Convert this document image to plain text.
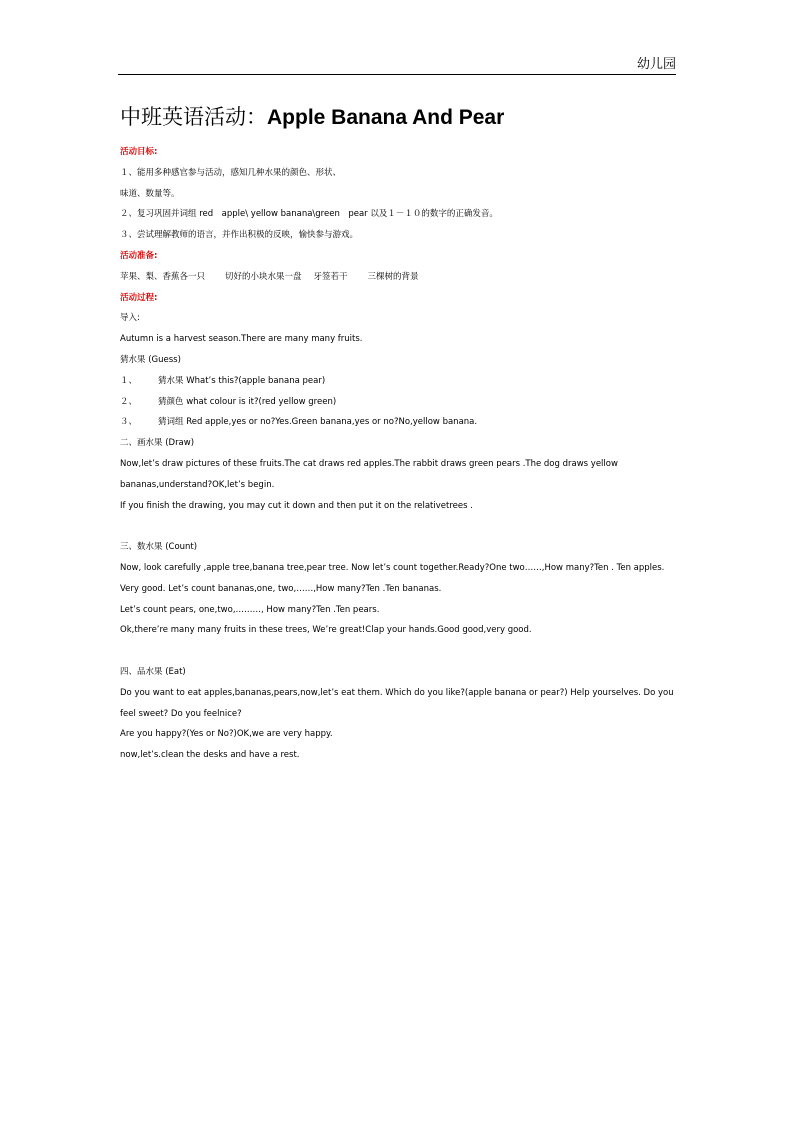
幼儿园
中班英语活动：Apple Banana And Pear

活动目标:

１、能用多种感官参与活动，感知几种水果的颜色、形状、

味道、数量等。

２、复习巩固并词组 red　apple\ yellow banana\green　pear 以及１－１０的数字的正确发音。

３、尝试理解教师的语言，并作出积极的反映，愉快参与游戏。

活动准备:

苹果、梨、香蕉各一只 切好的小块水果一盘 牙签若干 三棵树的背景

活动过程:

导入:

Autumn is a harvest season.There are many many fruits.

猜水果 (Guess)

１、 猜水果 What’s this?(apple banana pear)

２、 猜颜色 what colour is it?(red yellow green)

３、 猜词组 Red apple,yes or no?Yes.Green banana,yes or no?No,yellow banana.

二、画水果 (Draw)

Now,let’s draw pictures of these fruits.The cat draws red apples.The rabbit draws green pears .The dog draws yellow bananas,understand?OK,let’s begin.

If you finish the drawing, you may cut it down and then put it on the relativetrees .

三、数水果 (Count)

Now, look carefully ,apple tree,banana tree,pear tree. Now let’s count together.Ready?One two……,How many?Ten . Ten apples.

Very good. Let’s count bananas,one, two,……,How many?Ten .Ten bananas.

Let’s count pears, one,two,………, How many?Ten .Ten pears.

Ok,there’re many many fruits in these trees, We’re great!Clap your hands.Good good,very good.

四、品水果 (Eat)

Do you want to eat apples,bananas,pears,now,let’s eat them. Which do you like?(apple banana or pear?) Help yourselves. Do you feel sweet? Do you feelnice?

Are you happy?(Yes or No?)OK,we are very happy.

now,let’s.clean the desks and have a rest.
